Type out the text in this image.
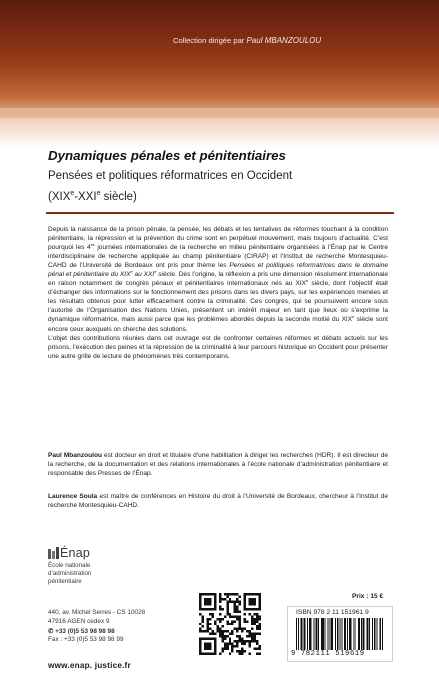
Collection dirigée par Paul MBANZOULOU
Dynamiques pénales et pénitentiaires
Pensées et politiques réformatrices en Occident
(XIXe-XXIe siècle)

Depuis la naissance de la prison pénale, la pensée, les débats et les tentatives de réformes touchant à la condition pénitentiaire, la répression et la prévention du crime sont en perpétuel mouvement, mais toujours d’actualité. C’est pourquoi les $4^{es}$ journées internationales de la recherche en milieu pénitentiaire organisées à l’Énap par le Centre interdisciplinaire de recherche appliquée au champ pénitentiaire (CIRAP) et l’Institut de recherche Montesquieu-CAHD de l’Université de Bordeaux ont pris pour thème les Pensées et politiques réformatrices dans le domaine pénal et pénitentiaire du XIXe au XXIe siècle. Dès l’origine, la réflexion a pris une dimension résolument internationale en raison notamment de congrès pénaux et pénitentiaires internationaux nés au XIXe siècle, dont l’objectif était d’échanger des informations sur le fonctionnement des prisons dans les divers pays, sur les expériences menées et les résultats obtenus pour lutter efficacement contre la criminalité. Ces congrès, qui se poursuivent encore sous l’autorité de l’Organisation des Nations Unies, présentent un intérêt majeur en tant que lieux où s’exprime la dynamique réformatrice, mais aussi parce que les problèmes abordés depuis la seconde moitié du XIXe siècle sont encore ceux auxquels on cherche des solutions.
L’objet des contributions réunies dans cet ouvrage est de confronter certaines réformes et débats actuels sur les prisons, l’exécution des peines et la répression de la criminalité à leur parcours historique en Occident pour présenter une autre grille de lecture de phénomènes très contemporains.

Paul Mbanzoulou est docteur en droit et titulaire d’une habilitation à diriger les recherches (HDR). Il est directeur de la recherche, de la documentation et des relations internationales à l’école nationale d’administration pénitentiaire et responsable des Presses de l’Énap.

Laurence Soula est maître de conférences en Histoire du droit à l’Université de Bordeaux, chercheur à l’Institut de recherche Montesquieu-CAHD.

Énap
École nationale
d’administration
pénitentiaire
440, av. Michel Serres - CS 10028
47916 AGEN cedex 9
✆ +33 (0)5 53 98 98 98
Fax : +33 (0)5 53 98 98 99
www.enap. justice.fr
Prix : 15 €
ISBN 978 2 11 151961 9
9 782111 519619
